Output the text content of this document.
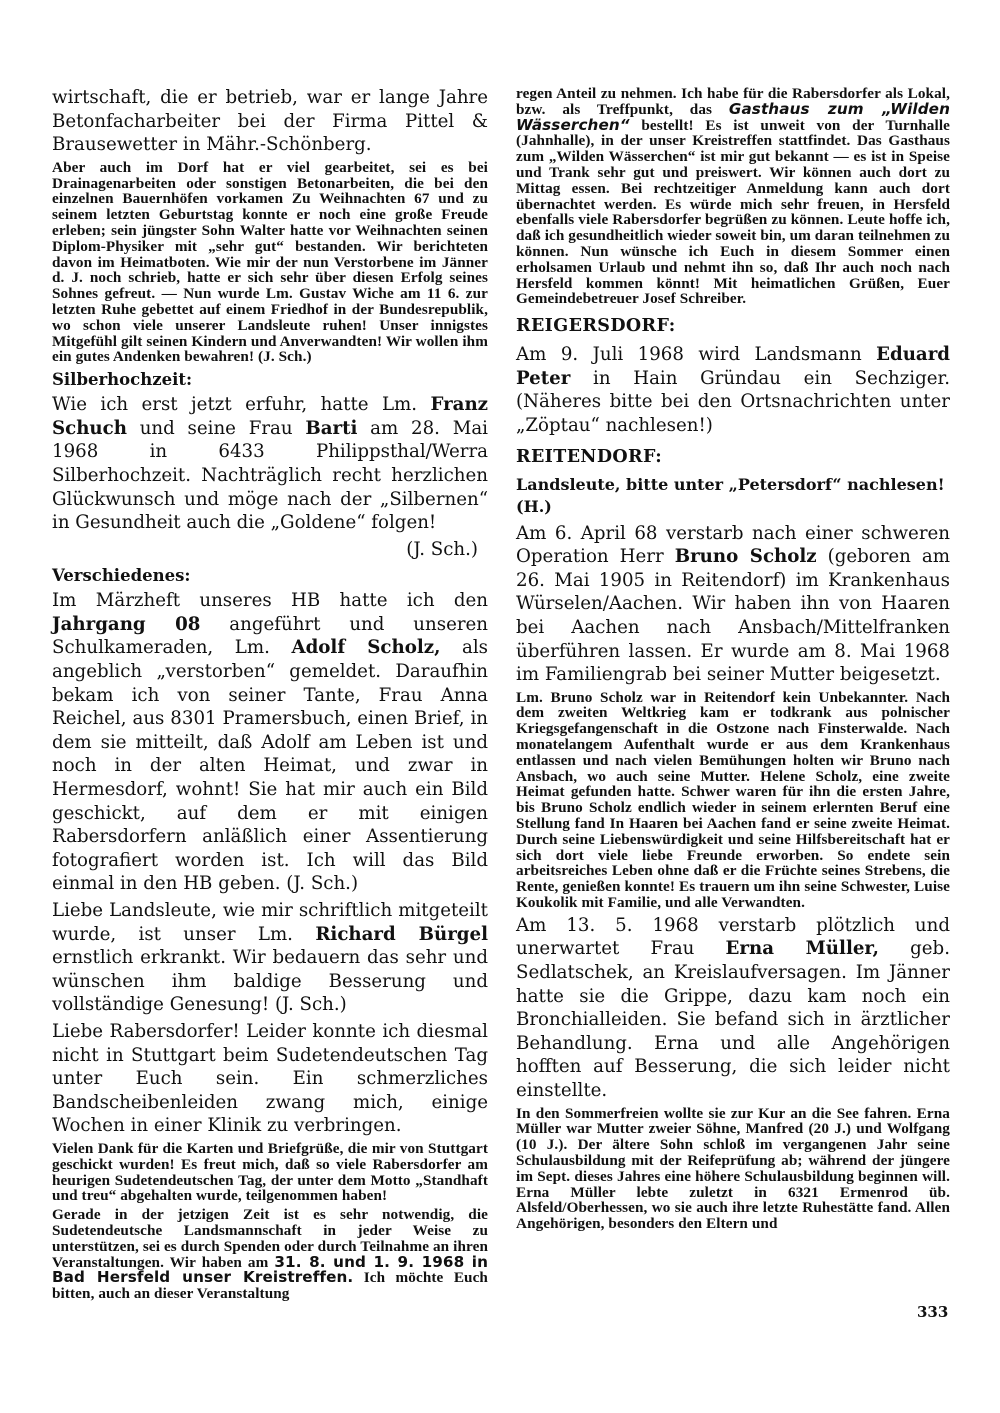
wirtschaft, die er betrieb, war er lange Jahre Betonfacharbeiter bei der Firma Pittel & Brausewetter in Mähr.-Schönberg.

Aber auch im Dorf hat er viel gearbeitet, sei es bei Drainagenarbeiten oder sonstigen Betonarbeiten, die bei den einzelnen Bauernhöfen vorkamen Zu Weihnachten 67 und zu seinem letzten Geburtstag konnte er noch eine große Freude erleben; sein jüngster Sohn Walter hatte vor Weihnachten seinen Diplom-Physiker mit „sehr gut“ bestanden. Wir berichteten davon im Heimatboten. Wie mir der nun Verstorbene im Jänner d. J. noch schrieb, hatte er sich sehr über diesen Erfolg seines Sohnes gefreut. — Nun wurde Lm. Gustav Wiche am 11 6. zur letzten Ruhe gebettet auf einem Friedhof in der Bundesrepublik, wo schon viele unserer Landsleute ruhen! Unser innigstes Mitgefühl gilt seinen Kindern und Anverwandten! Wir wollen ihm ein gutes Andenken bewahren! (J. Sch.)

Silberhochzeit:

Wie ich erst jetzt erfuhr, hatte Lm. Franz Schuch und seine Frau Barti am 28. Mai 1968 in 6433 Philippsthal/Werra Silberhochzeit. Nachträglich recht herzlichen Glückwunsch und möge nach der „Silbernen“ in Gesundheit auch die „Goldene“ folgen!

(J. Sch.)

Verschiedenes:

Im Märzheft unseres HB hatte ich den Jahrgang 08 angeführt und unseren Schulkameraden, Lm. Adolf Scholz, als angeblich „verstorben“ gemeldet. Daraufhin bekam ich von seiner Tante, Frau Anna Reichel, aus 8301 Pramersbuch, einen Brief, in dem sie mitteilt, daß Adolf am Leben ist und noch in der alten Heimat, und zwar in Hermesdorf, wohnt! Sie hat mir auch ein Bild geschickt, auf dem er mit einigen Rabersdorfern anläßlich einer Assentierung fotografiert worden ist. Ich will das Bild einmal in den HB geben. (J. Sch.)

Liebe Landsleute, wie mir schriftlich mitgeteilt wurde, ist unser Lm. Richard Bürgel ernstlich erkrankt. Wir bedauern das sehr und wünschen ihm baldige Besserung und vollständige Genesung! (J. Sch.)

Liebe Rabersdorfer! Leider konnte ich diesmal nicht in Stuttgart beim Sudetendeutschen Tag unter Euch sein. Ein schmerzliches Bandscheibenleiden zwang mich, einige Wochen in einer Klinik zu verbringen.

Vielen Dank für die Karten und Briefgrüße, die mir von Stuttgart geschickt wurden! Es freut mich, daß so viele Rabersdorfer am heurigen Sudetendeutschen Tag, der unter dem Motto „Standhaft und treu“ abgehalten wurde, teilgenommen haben!

Gerade in der jetzigen Zeit ist es sehr notwendig, die Sudetendeutsche Landsmannschaft in jeder Weise zu unterstützen, sei es durch Spenden oder durch Teilnahme an ihren Veranstaltungen. Wir haben am 31. 8. und 1. 9. 1968 in Bad Hersfeld unser Kreistreffen. Ich möchte Euch bitten, auch an dieser Veranstaltung

regen Anteil zu nehmen. Ich habe für die Rabersdorfer als Lokal, bzw. als Treffpunkt, das Gasthaus zum „Wilden Wässerchen“ bestellt! Es ist unweit von der Turnhalle (Jahnhalle), in der unser Kreistreffen stattfindet. Das Gasthaus zum „Wilden Wässerchen“ ist mir gut bekannt — es ist in Speise und Trank sehr gut und preiswert. Wir können auch dort zu Mittag essen. Bei rechtzeitiger Anmeldung kann auch dort übernachtet werden. Es würde mich sehr freuen, in Hersfeld ebenfalls viele Rabersdorfer begrüßen zu können. Leute hoffe ich, daß ich gesundheitlich wieder soweit bin, um daran teilnehmen zu können. Nun wünsche ich Euch in diesem Sommer einen erholsamen Urlaub und nehmt ihn so, daß Ihr auch noch nach Hersfeld kommen könnt! Mit heimatlichen Grüßen, Euer Gemeindebetreuer Josef Schreiber.

REIGERSDORF:

Am 9. Juli 1968 wird Landsmann Eduard Peter in Hain Gründau ein Sechziger. (Näheres bitte bei den Ortsnachrichten unter „Zöptau“ nachlesen!)

REITENDORF:

Landsleute, bitte unter „Petersdorf“ nachlesen! (H.)

Am 6. April 68 verstarb nach einer schweren Operation Herr Bruno Scholz (geboren am 26. Mai 1905 in Reitendorf) im Krankenhaus Würselen/Aachen. Wir haben ihn von Haaren bei Aachen nach Ansbach/Mittelfranken überführen lassen. Er wurde am 8. Mai 1968 im Familiengrab bei seiner Mutter beigesetzt.

Lm. Bruno Scholz war in Reitendorf kein Unbekannter. Nach dem zweiten Weltkrieg kam er todkrank aus polnischer Kriegsgefangenschaft in die Ostzone nach Finsterwalde. Nach monatelangem Aufenthalt wurde er aus dem Krankenhaus entlassen und nach vielen Bemühungen holten wir Bruno nach Ansbach, wo auch seine Mutter. Helene Scholz, eine zweite Heimat gefunden hatte. Schwer waren für ihn die ersten Jahre, bis Bruno Scholz endlich wieder in seinem erlernten Beruf eine Stellung fand In Haaren bei Aachen fand er seine zweite Heimat. Durch seine Liebenswürdigkeit und seine Hilfsbereitschaft hat er sich dort viele liebe Freunde erworben. So endete sein arbeitsreiches Leben ohne daß er die Früchte seines Strebens, die Rente, genießen konnte! Es trauern um ihn seine Schwester, Luise Koukolik mit Familie, und alle Verwandten.

Am 13. 5. 1968 verstarb plötzlich und unerwartet Frau Erna Müller, geb. Sedlatschek, an Kreislaufversagen. Im Jänner hatte sie die Grippe, dazu kam noch ein Bronchialleiden. Sie befand sich in ärztlicher Behandlung. Erna und alle Angehörigen hofften auf Besserung, die sich leider nicht einstellte.

In den Sommerfreien wollte sie zur Kur an die See fahren. Erna Müller war Mutter zweier Söhne, Manfred (20 J.) und Wolfgang (10 J.). Der ältere Sohn schloß im vergangenen Jahr seine Schulausbildung mit der Reifeprüfung ab; während der jüngere im Sept. dieses Jahres eine höhere Schulausbildung beginnen will. Erna Müller lebte zuletzt in 6321 Ermenrod üb. Alsfeld/Oberhessen, wo sie auch ihre letzte Ruhestätte fand. Allen Angehörigen, besonders den Eltern und

333
